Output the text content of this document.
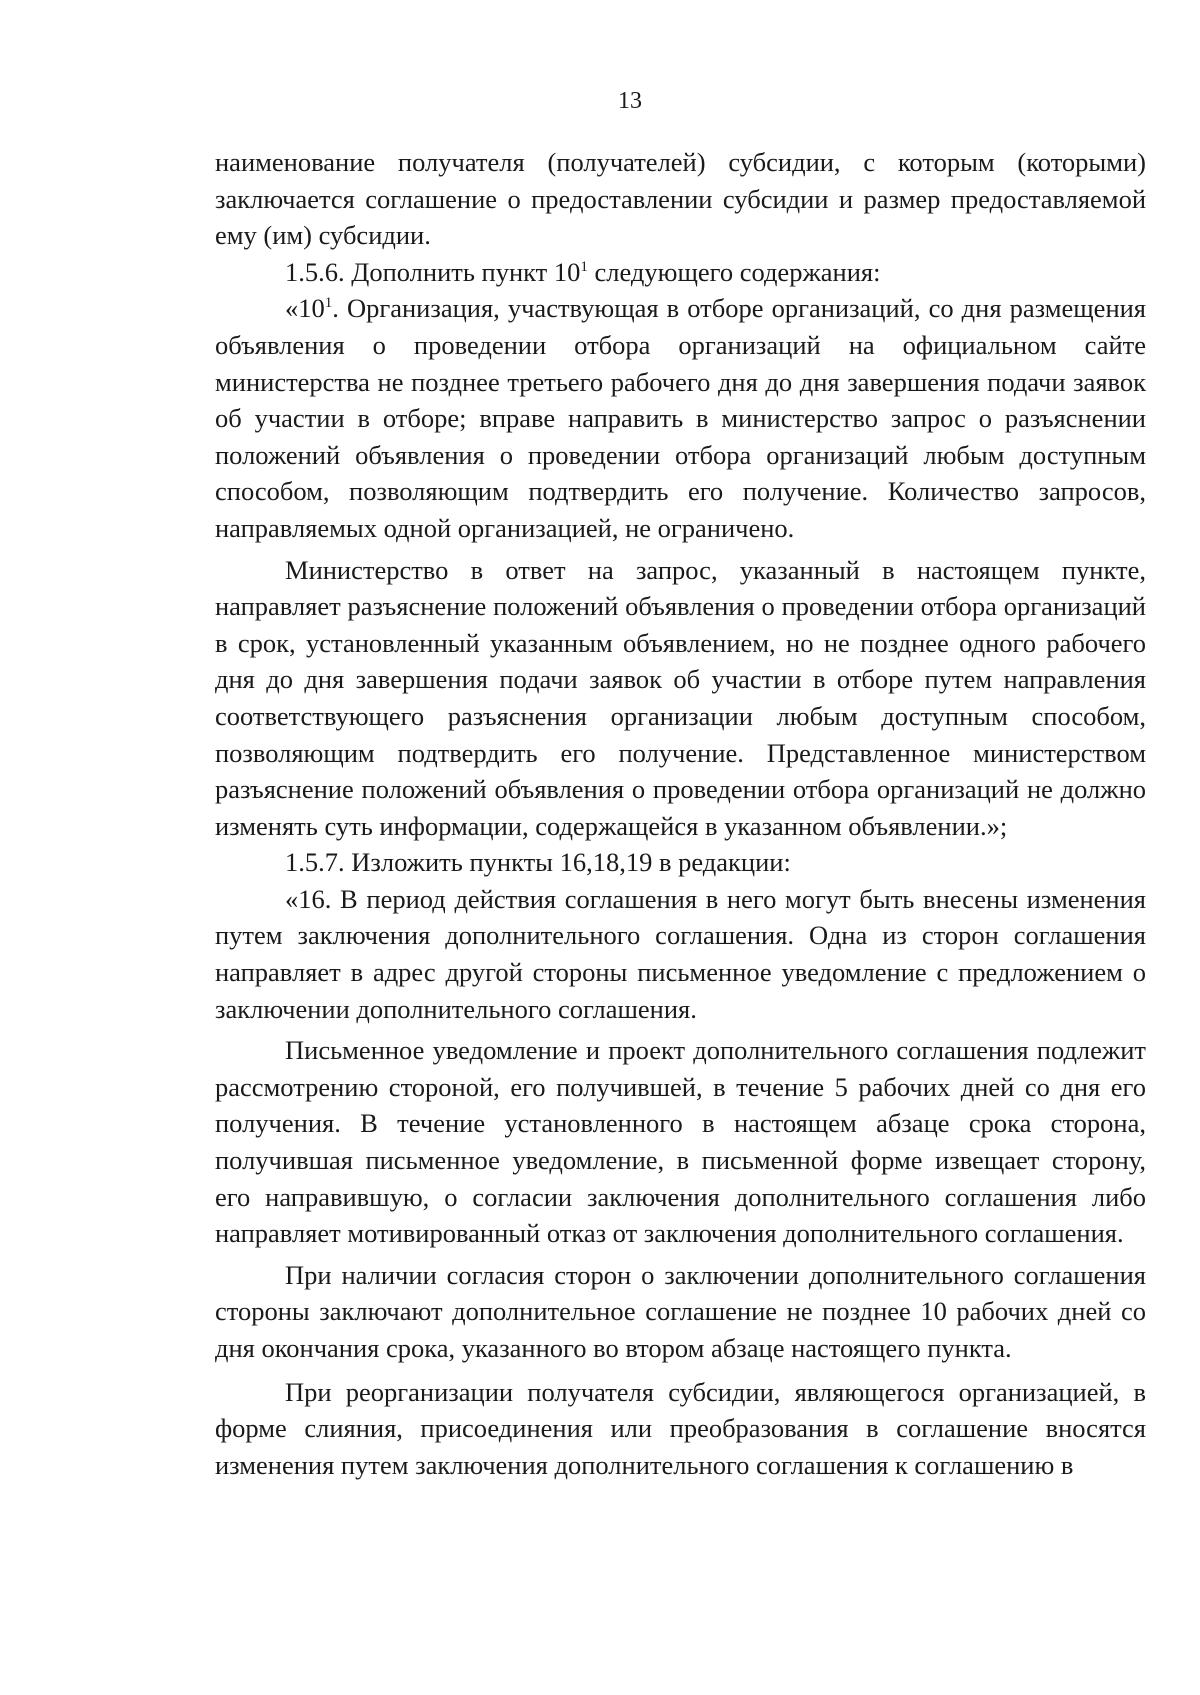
13

наименование получателя (получателей) субсидии, с которым (которыми) заключается соглашение о предоставлении субсидии и размер предоставляемой ему (им) субсидии.

1.5.6. Дополнить пункт $10^1$ следующего содержания:

«$10^1$. Организация, участвующая в отборе организаций, со дня размещения объявления о проведении отбора организаций на официальном сайте министерства не позднее третьего рабочего дня до дня завершения подачи заявок об участии в отборе; вправе направить в министерство запрос о разъяснении положений объявления о проведении отбора организаций любым доступным способом, позволяющим подтвердить его получение. Количество запросов, направляемых одной организацией, не ограничено.

Министерство в ответ на запрос, указанный в настоящем пункте, направляет разъяснение положений объявления о проведении отбора организаций в срок, установленный указанным объявлением, но не позднее одного рабочего дня до дня завершения подачи заявок об участии в отборе путем направления соответствующего разъяснения организации любым доступным способом, позволяющим подтвердить его получение. Представленное министерством разъяснение положений объявления о проведении отбора организаций не должно изменять суть информации, содержащейся в указанном объявлении.»;

1.5.7. Изложить пункты 16,18,19 в редакции:

«16. В период действия соглашения в него могут быть внесены изменения путем заключения дополнительного соглашения. Одна из сторон соглашения направляет в адрес другой стороны письменное уведомление с предложением о заключении дополнительного соглашения.

Письменное уведомление и проект дополнительного соглашения подлежит рассмотрению стороной, его получившей, в течение 5 рабочих дней со дня его получения. В течение установленного в настоящем абзаце срока сторона, получившая письменное уведомление, в письменной форме извещает сторону, его направившую, о согласии заключения дополнительного соглашения либо направляет мотивированный отказ от заключения дополнительного соглашения.

При наличии согласия сторон о заключении дополнительного соглашения стороны заключают дополнительное соглашение не позднее 10 рабочих дней со дня окончания срока, указанного во втором абзаце настоящего пункта.

При реорганизации получателя субсидии, являющегося организацией, в форме слияния, присоединения или преобразования в соглашение вносятся изменения путем заключения дополнительного соглашения к соглашению в
